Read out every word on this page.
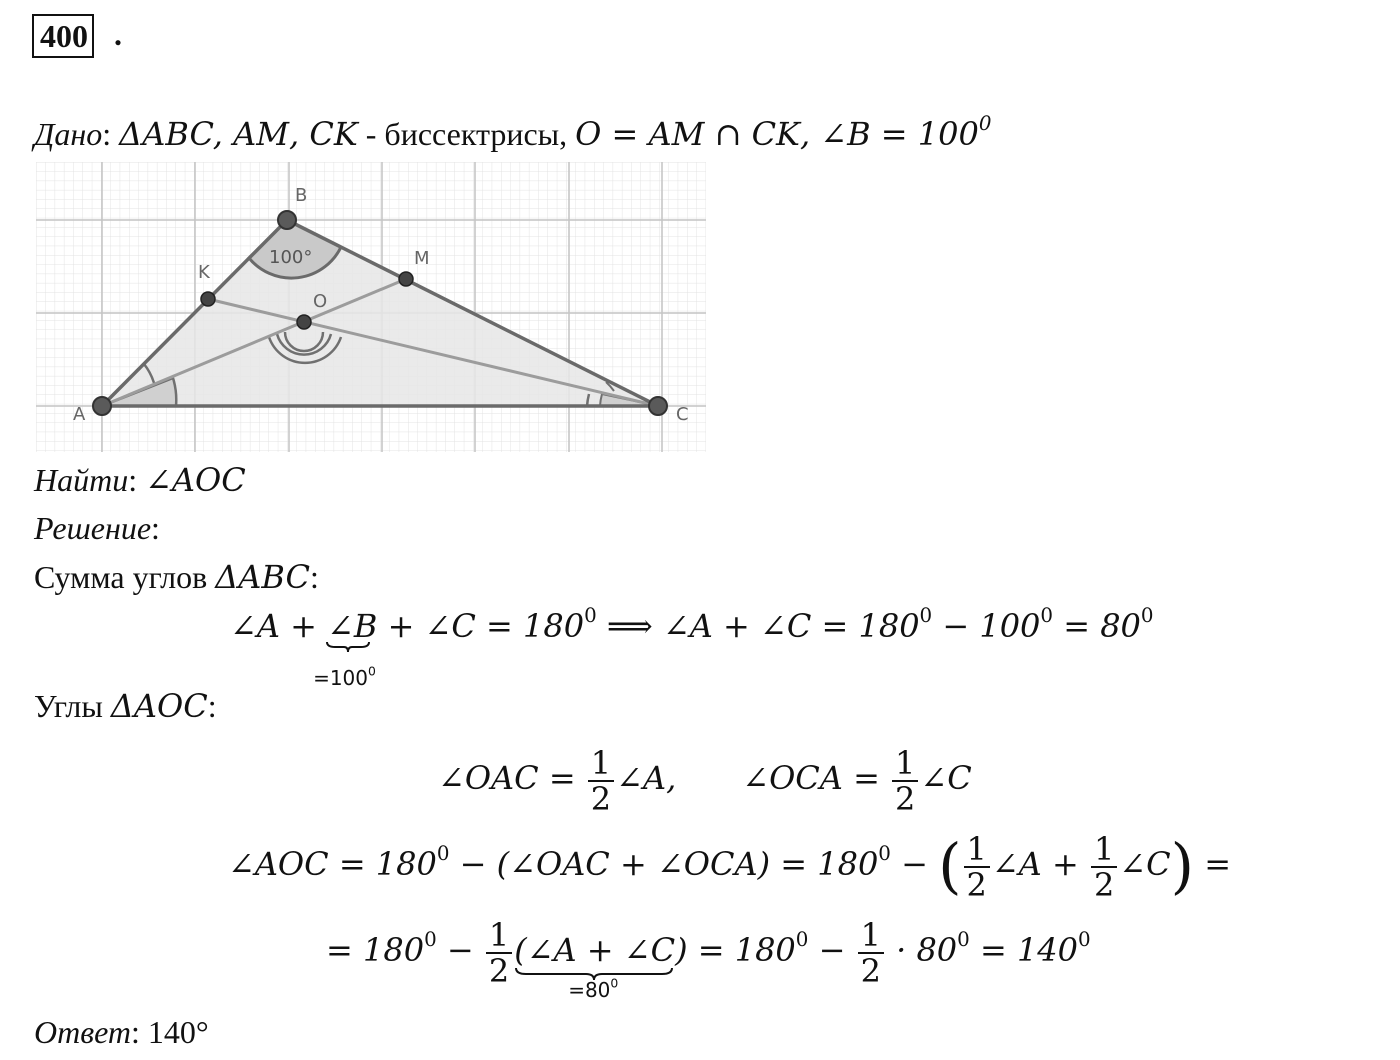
400 .
Дано: ΔABC, AM, CK - биссектрисы, O = AM ∩ CK, ∠B = $100^0$
A
B
C
K
M
O
100°
Найти: ∠AOC
Решение:
Сумма углов ΔABC:
∠A + ∠B
$=100^0$
+ ∠C = $180^0$ ⟹ ∠A + ∠C = $180^0 - 100^0 = 80^0$
Углы ΔAOC:
∠OAC = $\frac{1}{2}$ ∠A, ∠OCA = $\frac{1}{2}$ ∠C
∠AOC = $180^0$ − (∠OAC + ∠OCA) = $180^0$ − ( $\frac{1}{2}$ ∠A + $\frac{1}{2}$ ∠C) =
= $180^0 - \frac{1}{2}$ (∠A + ∠C)
$=80^0$
= $180^0 - \frac{1}{2} \cdot 80^0 = 140^0$
Ответ: 140°
